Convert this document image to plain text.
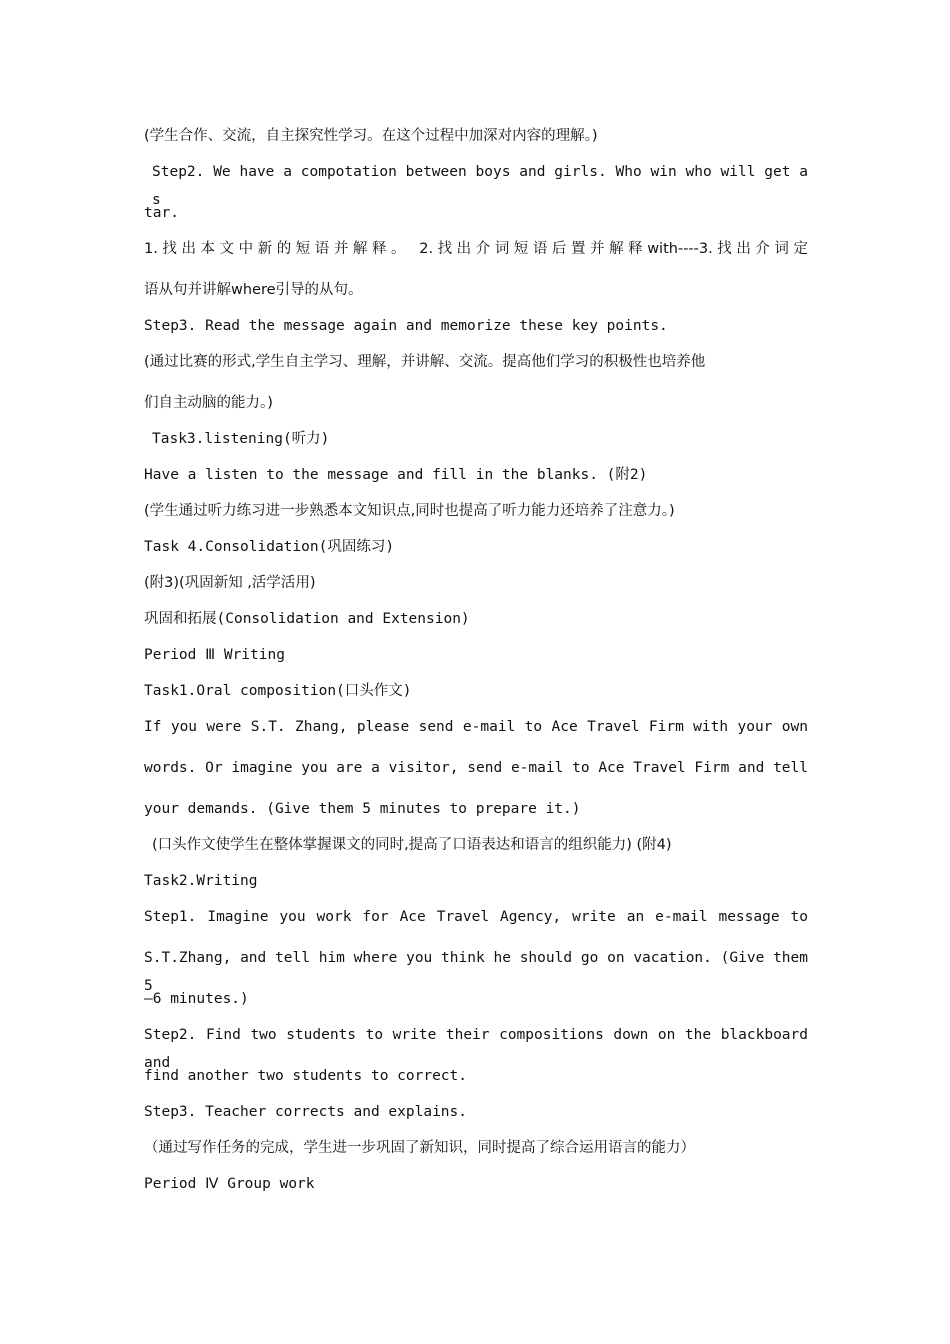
(学生合作、交流，自主探究性学习。在这个过程中加深对内容的理解。)
Step2. We have a compotation between boys and girls. Who win who will get a s
tar.
1.找出本文中新的短语并解释。 2.找出介词短语后置并解释with----3.找出介词定
语从句并讲解where引导的从句。
Step3. Read the message again and memorize these key points.
(通过比赛的形式,学生自主学习、理解，并讲解、交流。提高他们学习的积极性也培养他
们自主动脑的能力。)
Task3.listening(听力)
Have a listen to the message and fill in the blanks. (附2)
(学生通过听力练习进一步熟悉本文知识点,同时也提高了听力能力还培养了注意力。)
Task 4.Consolidation(巩固练习)
(附3)(巩固新知 ,活学活用)
巩固和拓展(Consolidation and Extension)
Period Ⅲ Writing
Task1.Oral composition(口头作文)
If you were S.T. Zhang, please send e-mail to Ace Travel Firm with your own
words. Or imagine you are a visitor, send e-mail to Ace Travel Firm and tell
your demands. (Give them 5 minutes to prepare it.)
(口头作文使学生在整体掌握课文的同时,提高了口语表达和语言的组织能力) (附4)
Task2.Writing
Step1. Imagine you work for Ace Travel Agency, write an e-mail message to
S.T.Zhang, and tell him where you think he should go on vacation. (Give them 5
—6 minutes.)
Step2. Find two students to write their compositions down on the blackboard and
find another two students to correct.
Step3. Teacher corrects and explains.
（通过写作任务的完成，学生进一步巩固了新知识，同时提高了综合运用语言的能力）
Period Ⅳ Group work
